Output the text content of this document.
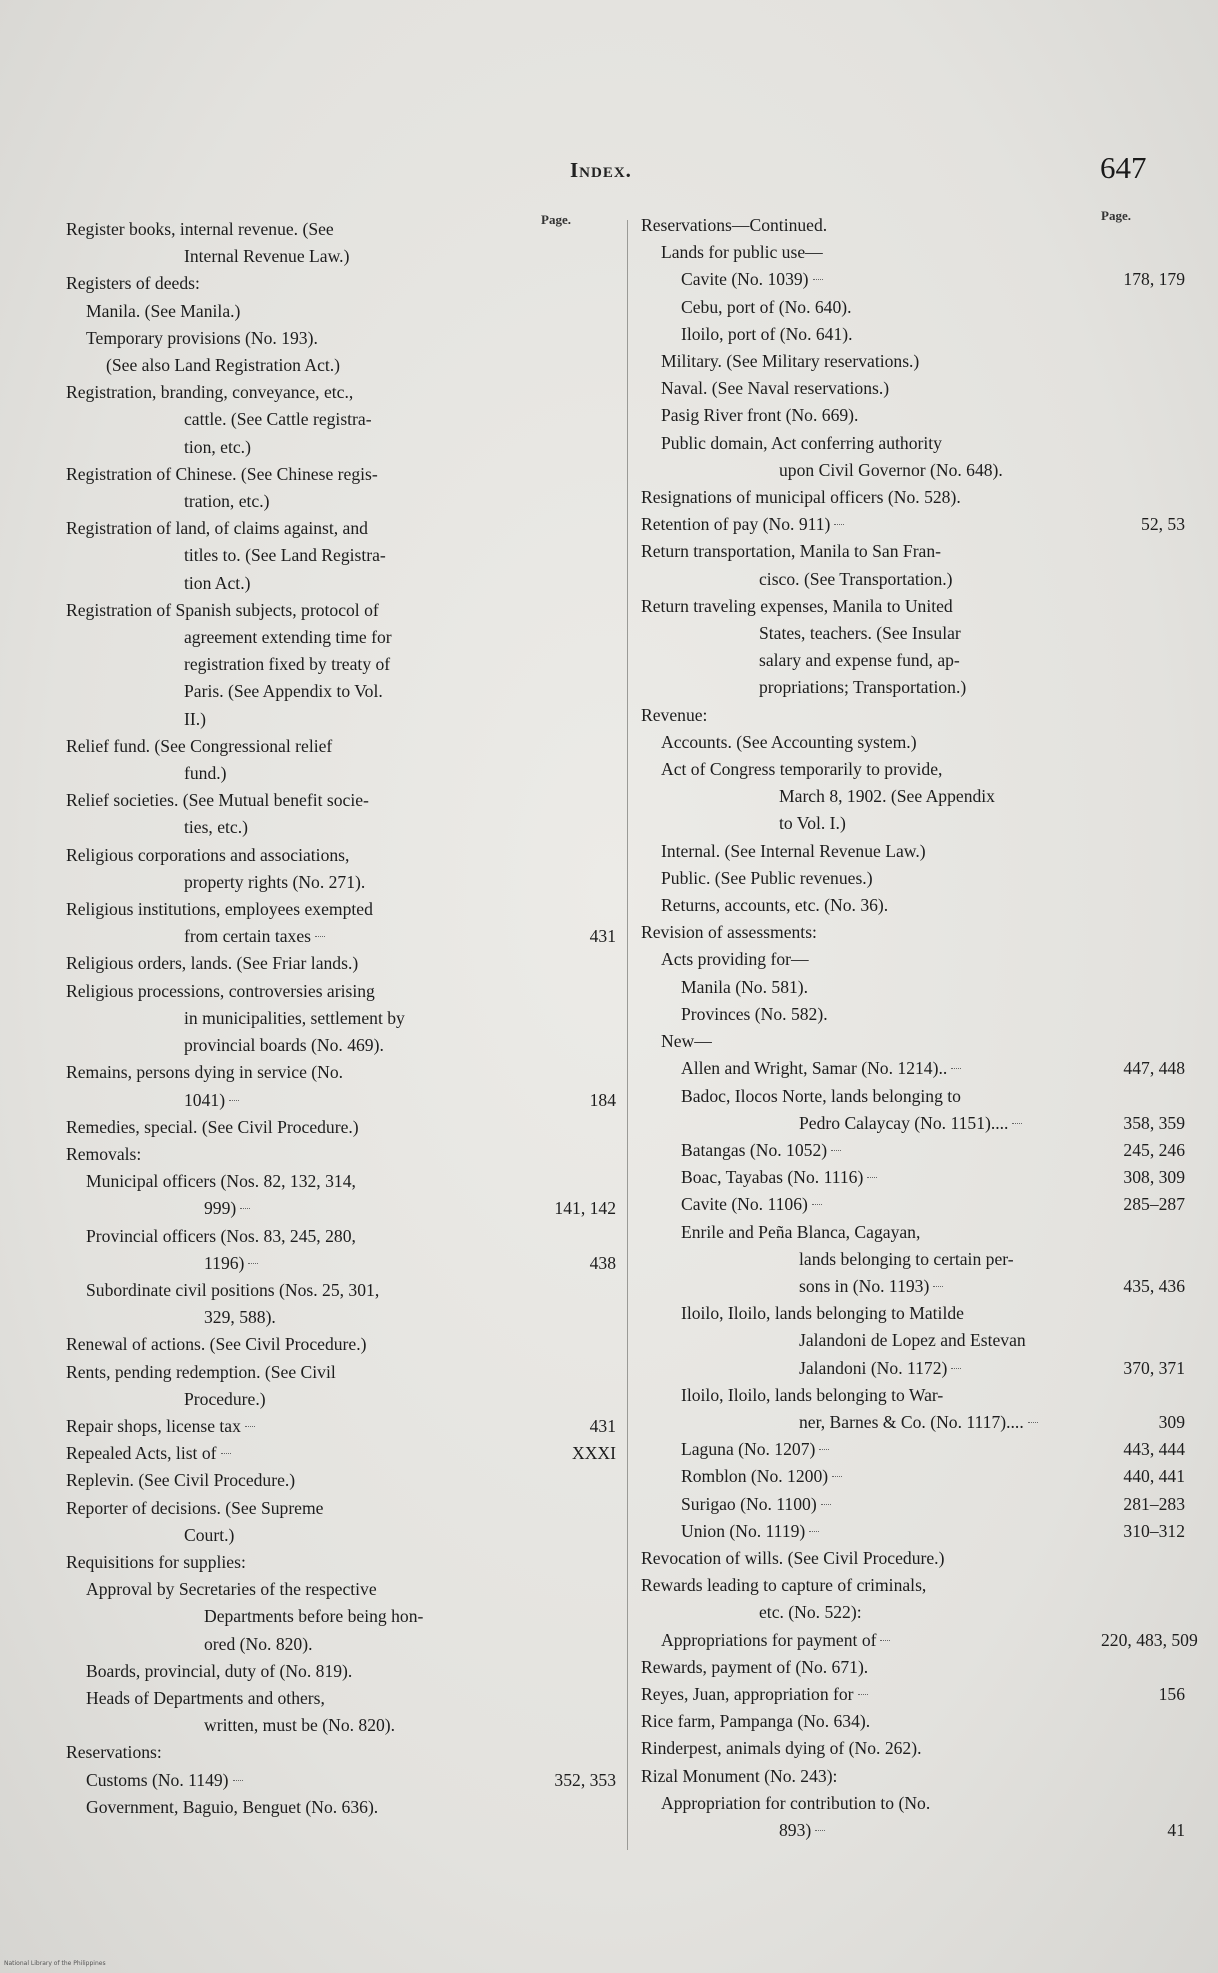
Index.	647
Page.
Register books, internal revenue. (See
Internal Revenue Law.)
Registers of deeds:
Manila. (See Manila.)
Temporary provisions (No. 193).
(See also Land Registration Act.)
Registration, branding, conveyance, etc.,
cattle. (See Cattle registra-
tion, etc.)
Registration of Chinese. (See Chinese regis-
tration, etc.)
Registration of land, of claims against, and
titles to. (See Land Registra-
tion Act.)
Registration of Spanish subjects, protocol of
agreement extending time for
registration fixed by treaty of
Paris. (See Appendix to Vol.
II.)
Relief fund. (See Congressional relief
fund.)
Relief societies. (See Mutual benefit socie-
ties, etc.)
Religious corporations and associations,
property rights (No. 271).
Religious institutions, employees exempted
from certain taxes	431
Religious orders, lands. (See Friar lands.)
Religious processions, controversies arising
in municipalities, settlement by
provincial boards (No. 469).
Remains, persons dying in service (No.
1041)	184
Remedies, special. (See Civil Procedure.)
Removals:
Municipal officers (Nos. 82, 132, 314,
999)	141, 142
Provincial officers (Nos. 83, 245, 280,
1196)	438
Subordinate civil positions (Nos. 25, 301,
329, 588).
Renewal of actions. (See Civil Procedure.)
Rents, pending redemption. (See Civil
Procedure.)
Repair shops, license tax	431
Repealed Acts, list of	XXXI
Replevin. (See Civil Procedure.)
Reporter of decisions. (See Supreme
Court.)
Requisitions for supplies:
Approval by Secretaries of the respective
Departments before being hon-
ored (No. 820).
Boards, provincial, duty of (No. 819).
Heads of Departments and others,
written, must be (No. 820).
Reservations:
Customs (No. 1149)	352, 353
Government, Baguio, Benguet (No. 636).
Page.
Reservations—Continued.
Lands for public use—
Cavite (No. 1039)	178, 179
Cebu, port of (No. 640).
Iloilo, port of (No. 641).
Military. (See Military reservations.)
Naval. (See Naval reservations.)
Pasig River front (No. 669).
Public domain, Act conferring authority
upon Civil Governor (No. 648).
Resignations of municipal officers (No. 528).
Retention of pay (No. 911)	52, 53
Return transportation, Manila to San Fran-
cisco. (See Transportation.)
Return traveling expenses, Manila to United
States, teachers. (See Insular
salary and expense fund, ap-
propriations; Transportation.)
Revenue:
Accounts. (See Accounting system.)
Act of Congress temporarily to provide,
March 8, 1902. (See Appendix
to Vol. I.)
Internal. (See Internal Revenue Law.)
Public. (See Public revenues.)
Returns, accounts, etc. (No. 36).
Revision of assessments:
Acts providing for—
Manila (No. 581).
Provinces (No. 582).
New—
Allen and Wright, Samar (No. 1214)..	447, 448
Badoc, Ilocos Norte, lands belonging to
Pedro Calaycay (No. 1151)....	358, 359
Batangas (No. 1052)	245, 246
Boac, Tayabas (No. 1116)	308, 309
Cavite (No. 1106)	285–287
Enrile and Peña Blanca, Cagayan,
lands belonging to certain per-
sons in (No. 1193)	435, 436
Iloilo, Iloilo, lands belonging to Matilde
Jalandoni de Lopez and Estevan
Jalandoni (No. 1172)	370, 371
Iloilo, Iloilo, lands belonging to War-
ner, Barnes & Co. (No. 1117)....	309
Laguna (No. 1207)	443, 444
Romblon (No. 1200)	440, 441
Surigao (No. 1100)	281–283
Union (No. 1119)	310–312
Revocation of wills. (See Civil Procedure.)
Rewards leading to capture of criminals,
etc. (No. 522):
Appropriations for payment of	220, 483, 509
Rewards, payment of (No. 671).
Reyes, Juan, appropriation for	156
Rice farm, Pampanga (No. 634).
Rinderpest, animals dying of (No. 262).
Rizal Monument (No. 243):
Appropriation for contribution to (No.
893)	41
National Library of the Philippines
